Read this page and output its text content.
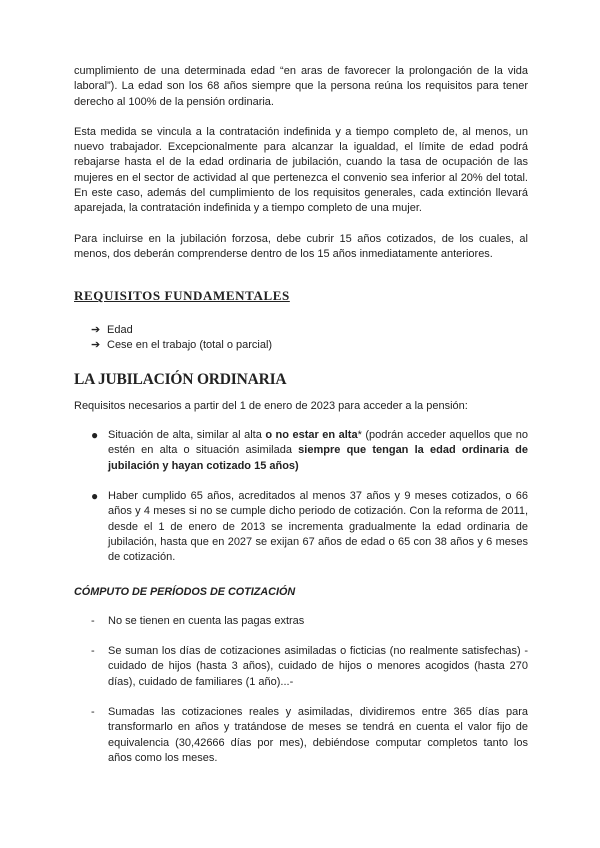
cumplimiento de una determinada edad “en aras de favorecer la prolongación de la vida laboral”). La edad son los 68 años siempre que la persona reúna los requisitos para tener derecho al 100% de la pensión ordinaria.

Esta medida se vincula a la contratación indefinida y a tiempo completo de, al menos, un nuevo trabajador. Excepcionalmente para alcanzar la igualdad, el límite de edad podrá rebajarse hasta el de la edad ordinaria de jubilación, cuando la tasa de ocupación de las mujeres en el sector de actividad al que pertenezca el convenio sea inferior al 20% del total. En este caso, además del cumplimiento de los requisitos generales, cada extinción llevará aparejada, la contratación indefinida y a tiempo completo de una mujer.

Para incluirse en la jubilación forzosa, debe cubrir 15 años cotizados, de los cuales, al menos, dos deberán comprenderse dentro de los 15 años inmediatamente anteriores.

REQUISITOS FUNDAMENTALES
➔ Edad
➔ Cese en el trabajo (total o parcial)
LA JUBILACIÓN ORDINARIA

Requisitos necesarios a partir del 1 de enero de 2023 para acceder a la pensión:

● Situación de alta, similar al alta o no estar en alta* (podrán acceder aquellos que no estén en alta o situación asimilada siempre que tengan la edad ordinaria de jubilación y hayan cotizado 15 años)

● Haber cumplido 65 años, acreditados al menos 37 años y 9 meses cotizados, o 66 años y 4 meses si no se cumple dicho periodo de cotización. Con la reforma de 2011, desde el 1 de enero de 2013 se incrementa gradualmente la edad ordinaria de jubilación, hasta que en 2027 se exijan 67 años de edad o 65 con 38 años y 6 meses de cotización.

CÓMPUTO DE PERÍODOS DE COTIZACIÓN
- No se tienen en cuenta las pagas extras

- Se suman los días de cotizaciones asimiladas o ficticias (no realmente satisfechas) -cuidado de hijos (hasta 3 años), cuidado de hijos o menores acogidos (hasta 270 días), cuidado de familiares (1 año)...-

- Sumadas las cotizaciones reales y asimiladas, dividiremos entre 365 días para transformarlo en años y tratándose de meses se tendrá en cuenta el valor fijo de equivalencia (30,42666 días por mes), debiéndose computar completos tanto los años como los meses.
